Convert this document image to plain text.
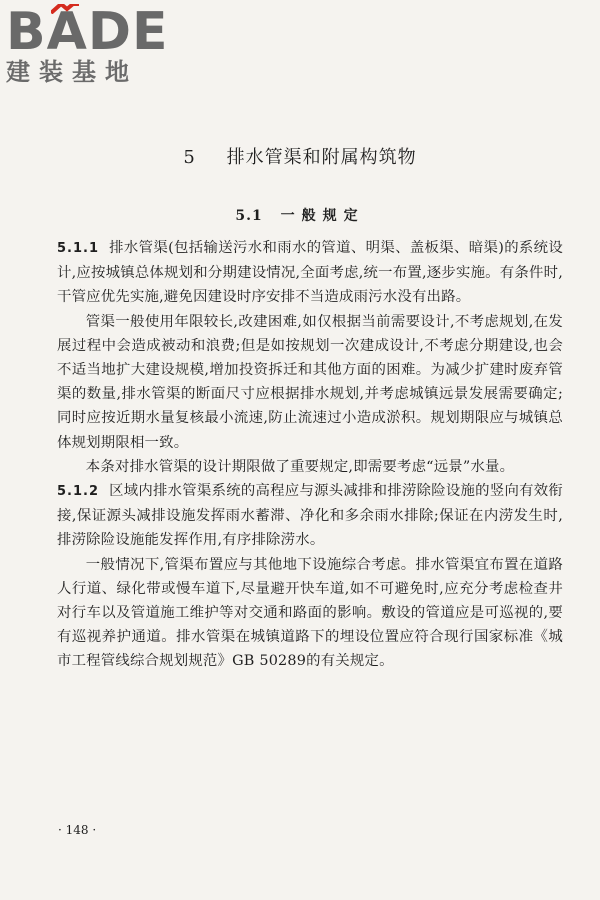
BADE
建装基地
5 排水管渠和附属构筑物
5.1 一般规定

5.1.1 排水管渠(包括输送污水和雨水的管道、明渠、盖板渠、暗渠)的系统设计,应按城镇总体规划和分期建设情况,全面考虑,统一布置,逐步实施。有条件时,干管应优先实施,避免因建设时序安排不当造成雨污水没有出路。

管渠一般使用年限较长,改建困难,如仅根据当前需要设计,不考虑规划,在发展过程中会造成被动和浪费;但是如按规划一次建成设计,不考虑分期建设,也会不适当地扩大建设规模,增加投资拆迁和其他方面的困难。为减少扩建时废弃管渠的数量,排水管渠的断面尺寸应根据排水规划,并考虑城镇远景发展需要确定;同时应按近期水量复核最小流速,防止流速过小造成淤积。规划期限应与城镇总体规划期限相一致。

本条对排水管渠的设计期限做了重要规定,即需要考虑“远景”水量。

5.1.2 区域内排水管渠系统的高程应与源头减排和排涝除险设施的竖向有效衔接,保证源头减排设施发挥雨水蓄滞、净化和多余雨水排除;保证在内涝发生时,排涝除险设施能发挥作用,有序排除涝水。

一般情况下,管渠布置应与其他地下设施综合考虑。排水管渠宜布置在道路人行道、绿化带或慢车道下,尽量避开快车道,如不可避免时,应充分考虑检查井对行车以及管道施工维护等对交通和路面的影响。敷设的管道应是可巡视的,要有巡视养护通道。排水管渠在城镇道路下的埋设位置应符合现行国家标准《城市工程管线综合规划规范》GB 50289的有关规定。

· 148 ·
